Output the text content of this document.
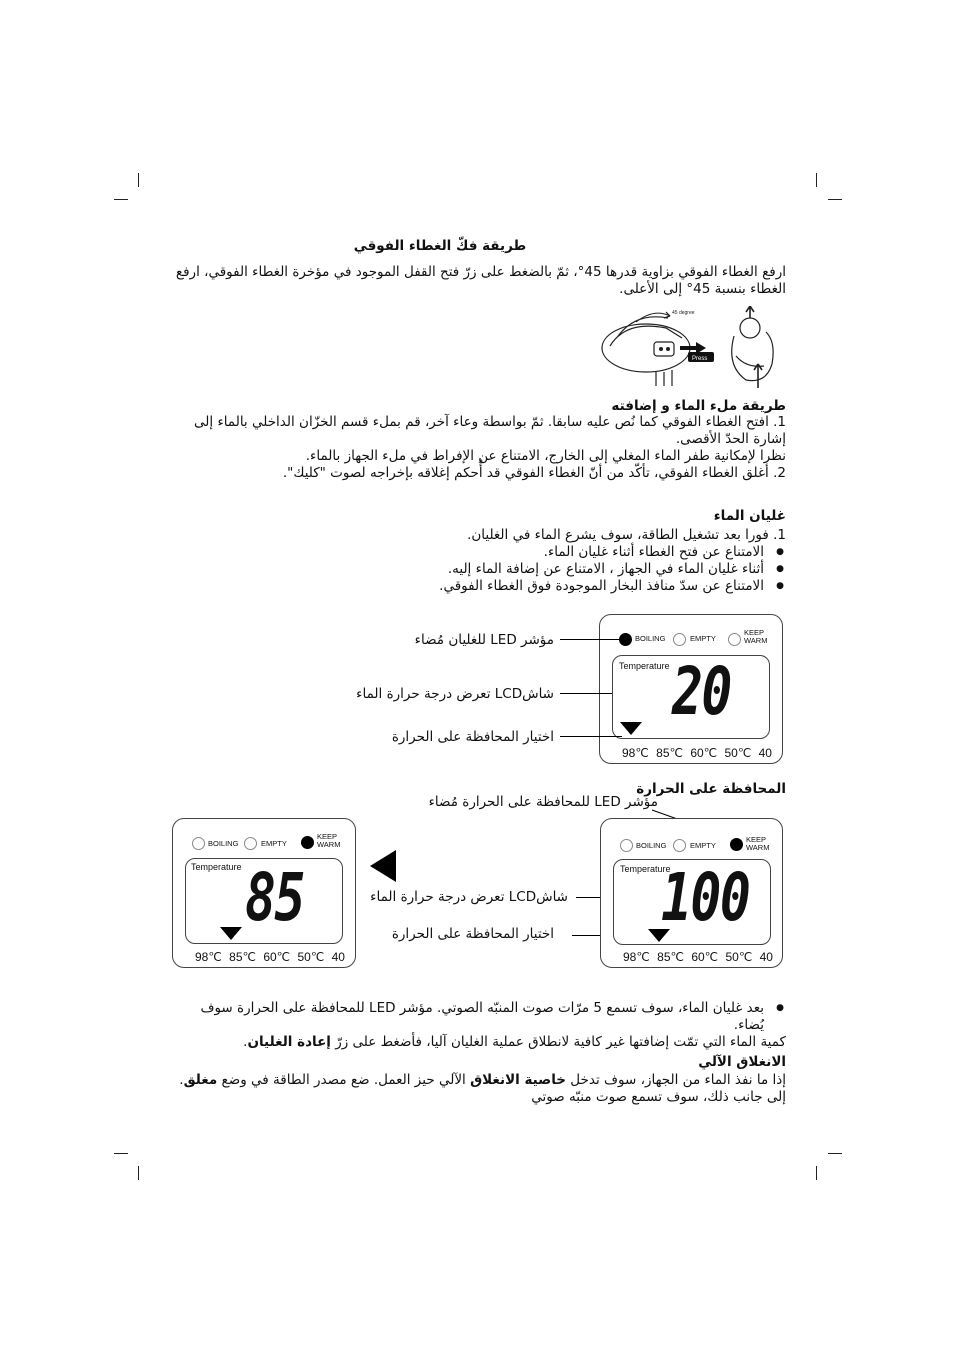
طريقة فكّ الغطاء الفوقي
ارفع الغطاء الفوقي بزاوية قدرها 45°، ثمّ بالضغط على زرّ فتح القفل الموجود في مؤخرة الغطاء الفوقي، ارفع الغطاء بنسبة 45° إلى الأعلى.
Press
45 degree
طريقة ملء الماء و إضافته
1. افتح الغطاء الفوقي كما نُص عليه سابقا. ثمّ بواسطة وعاء آخر، قم بملء قسم الخزّان الداخلي بالماء إلى إشارة الحدّ الأقصى.
نظرا لإمكانية طفر الماء المغلي إلى الخارج، الامتناع عن الإفراط في ملء الجهاز بالماء.
2. أغلق الغطاء الفوقي، تأكّد من أنّ الغطاء الفوقي قد أُحكم إغلاقه بإخراجه لصوت "كليك".
غليان الماء
1. فورا بعد تشغيل الطاقة، سوف يشرع الماء في الغليان.
● الامتناع عن فتح الغطاء أثناء غليان الماء.
● أثناء غليان الماء في الجهاز ، الامتناع عن إضافة الماء إليه.
● الامتناع عن سدّ منافذ البخار الموجودة فوق الغطاء الفوقي.
BOILING	EMPTY
KEEP
WARM
Temperature 20
98℃ 85℃ 60℃ 50℃ 40
مؤشر LED للغليان مُضاء
شاشLCD تعرض درجة حرارة الماء
اختيار المحافظة على الحرارة
المحافظة على الحرارة
مؤشر LED للمحافظة على الحرارة مُضاء
BOILING	EMPTY
KEEP
WARM
Temperature 85
98℃ 85℃ 60℃ 50℃ 40
شاشLCD تعرض درجة حرارة الماء
اختيار المحافظة على الحرارة
BOILING	EMPTY
KEEP
WARM
Temperature
100
98℃ 85℃ 60℃ 50℃ 40
● بعد غليان الماء، سوف تسمع 5 مرّات صوت المنبّه الصوتي. مؤشر LED للمحافظة على الحرارة سوف يُضاء.
كمية الماء التي تمّت إضافتها غير كافية لانطلاق عملية الغليان آليا، فأضغط على زرّ إعادة الغليان.
الانغلاق الآلي
إذا ما نفذ الماء من الجهاز، سوف تدخل خاصية الانغلاق الآلي حيز العمل. ضع مصدر الطاقة في وضع مغلق. إلى جانب ذلك، سوف تسمع صوت منبّه صوتي
